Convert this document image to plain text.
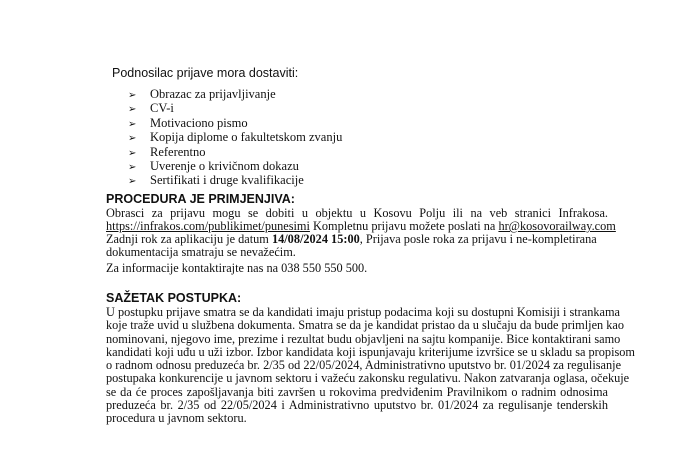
Podnosilac prijave mora dostaviti:
➢ Obrazac za prijavljivanje
➢ CV-i
➢ Motivaciono pismo
➢ Kopija diplome o fakultetskom zvanju
➢ Referentno
➢ Uverenje o krivičnom dokazu
➢ Sertifikati i druge kvalifikacije
PROCEDURA JE PRIMJENJIVA:
Obrasci za prijavu mogu se dobiti u objektu u Kosovu Polju ili na veb stranici Infrakosa.
https://infrakos.com/publikimet/punesimi Kompletnu prijavu možete poslati na hr@kosovorailway.com
Zadnji rok za aplikaciju je datum 14/08/2024 15:00, Prijava posle roka za prijavu i ne-kompletirana
dokumentacija smatraju se nevažećim.
Za informacije kontaktirajte nas na 038 550 550 500.
SAŽETAK POSTUPKA:
U postupku prijave smatra se da kandidati imaju pristup podacima koji su dostupni Komisiji i strankama
koje traže uvid u službena dokumenta. Smatra se da je kandidat pristao da u slučaju da bude primljen kao
nominovani, njegovo ime, prezime i rezultat budu objavljeni na sajtu kompanije. Bice kontaktirani samo
kandidati koji uđu u uži izbor. Izbor kandidata koji ispunjavaju kriterijume izvršice se u skladu sa propisom
o radnom odnosu preduzeća br. 2/35 od 22/05/2024, Administrativno uputstvo br. 01/2024 za regulisanje
postupaka konkurencije u javnom sektoru i važeću zakonsku regulativu. Nakon zatvaranja oglasa, očekuje
se da će proces zapošljavanja biti završen u rokovima predviđenim Pravilnikom o radnim odnosima
preduzeća br. 2/35 od 22/05/2024 i Administrativno uputstvo br. 01/2024 za regulisanje tenderskih
procedura u javnom sektoru.
